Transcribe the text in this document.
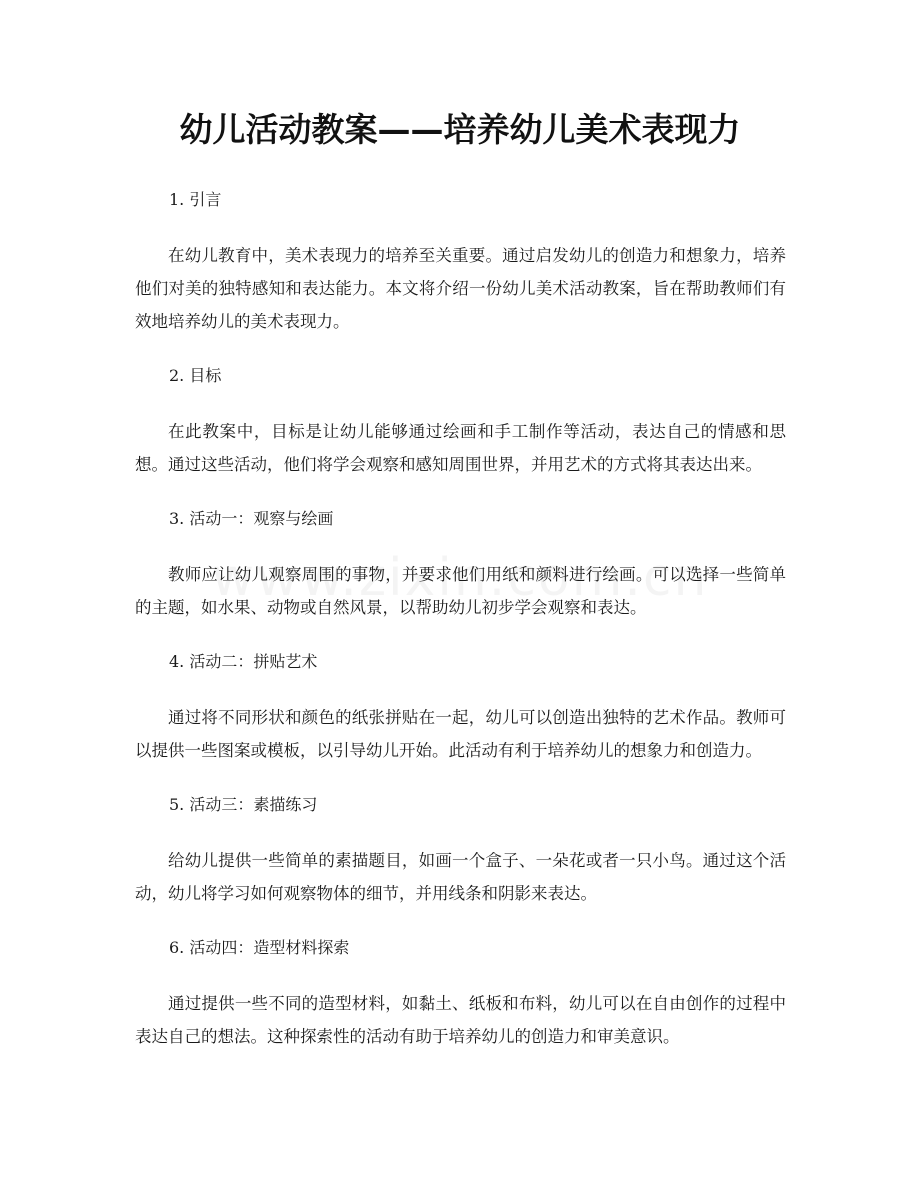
幼儿活动教案——培养幼儿美术表现力

1. 引言

在幼儿教育中，美术表现力的培养至关重要。通过启发幼儿的创造力和想象力，培养他们对美的独特感知和表达能力。本文将介绍一份幼儿美术活动教案，旨在帮助教师们有效地培养幼儿的美术表现力。

2. 目标

在此教案中，目标是让幼儿能够通过绘画和手工制作等活动，表达自己的情感和思想。通过这些活动，他们将学会观察和感知周围世界，并用艺术的方式将其表达出来。

3. 活动一：观察与绘画

教师应让幼儿观察周围的事物，并要求他们用纸和颜料进行绘画。可以选择一些简单的主题，如水果、动物或自然风景，以帮助幼儿初步学会观察和表达。

4. 活动二：拼贴艺术

通过将不同形状和颜色的纸张拼贴在一起，幼儿可以创造出独特的艺术作品。教师可以提供一些图案或模板，以引导幼儿开始。此活动有利于培养幼儿的想象力和创造力。

5. 活动三：素描练习

给幼儿提供一些简单的素描题目，如画一个盒子、一朵花或者一只小鸟。通过这个活动，幼儿将学习如何观察物体的细节，并用线条和阴影来表达。

6. 活动四：造型材料探索

通过提供一些不同的造型材料，如黏土、纸板和布料，幼儿可以在自由创作的过程中表达自己的想法。这种探索性的活动有助于培养幼儿的创造力和审美意识。
